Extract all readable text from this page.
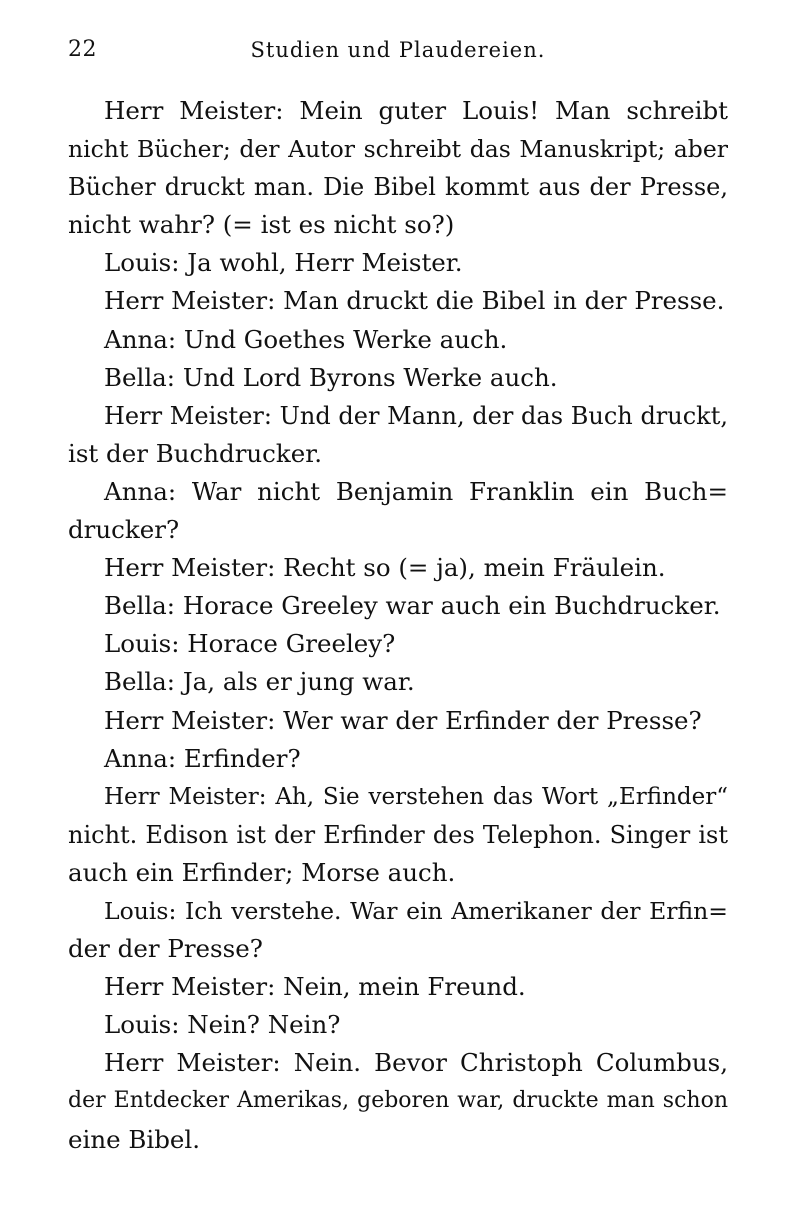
22	Studien und Plaudereien.
Herr Meister: Mein guter Louis! Man schreibt
nicht Bücher; der Autor schreibt das Manuskript; aber
Bücher druckt man. Die Bibel kommt aus der Presse,
nicht wahr? (= ist es nicht so?)
Louis: Ja wohl, Herr Meister.
Herr Meister: Man druckt die Bibel in der Presse.
Anna: Und Goethes Werke auch.
Bella: Und Lord Byrons Werke auch.
Herr Meister: Und der Mann, der das Buch druckt,
ist der Buchdrucker.
Anna: War nicht Benjamin Franklin ein Buch=
drucker?
Herr Meister: Recht so (= ja), mein Fräulein.
Bella: Horace Greeley war auch ein Buchdrucker.
Louis: Horace Greeley?
Bella: Ja, als er jung war.
Herr Meister: Wer war der Erfinder der Presse?
Anna: Erfinder?
Herr Meister: Ah, Sie verstehen das Wort „Erfinder“
nicht. Edison ist der Erfinder des Telephon. Singer ist
auch ein Erfinder; Morse auch.
Louis: Ich verstehe. War ein Amerikaner der Erfin=
der der Presse?
Herr Meister: Nein, mein Freund.
Louis: Nein? Nein?
Herr Meister: Nein. Bevor Christoph Columbus,
der Entdecker Amerikas, geboren war, druckte man schon
eine Bibel.
